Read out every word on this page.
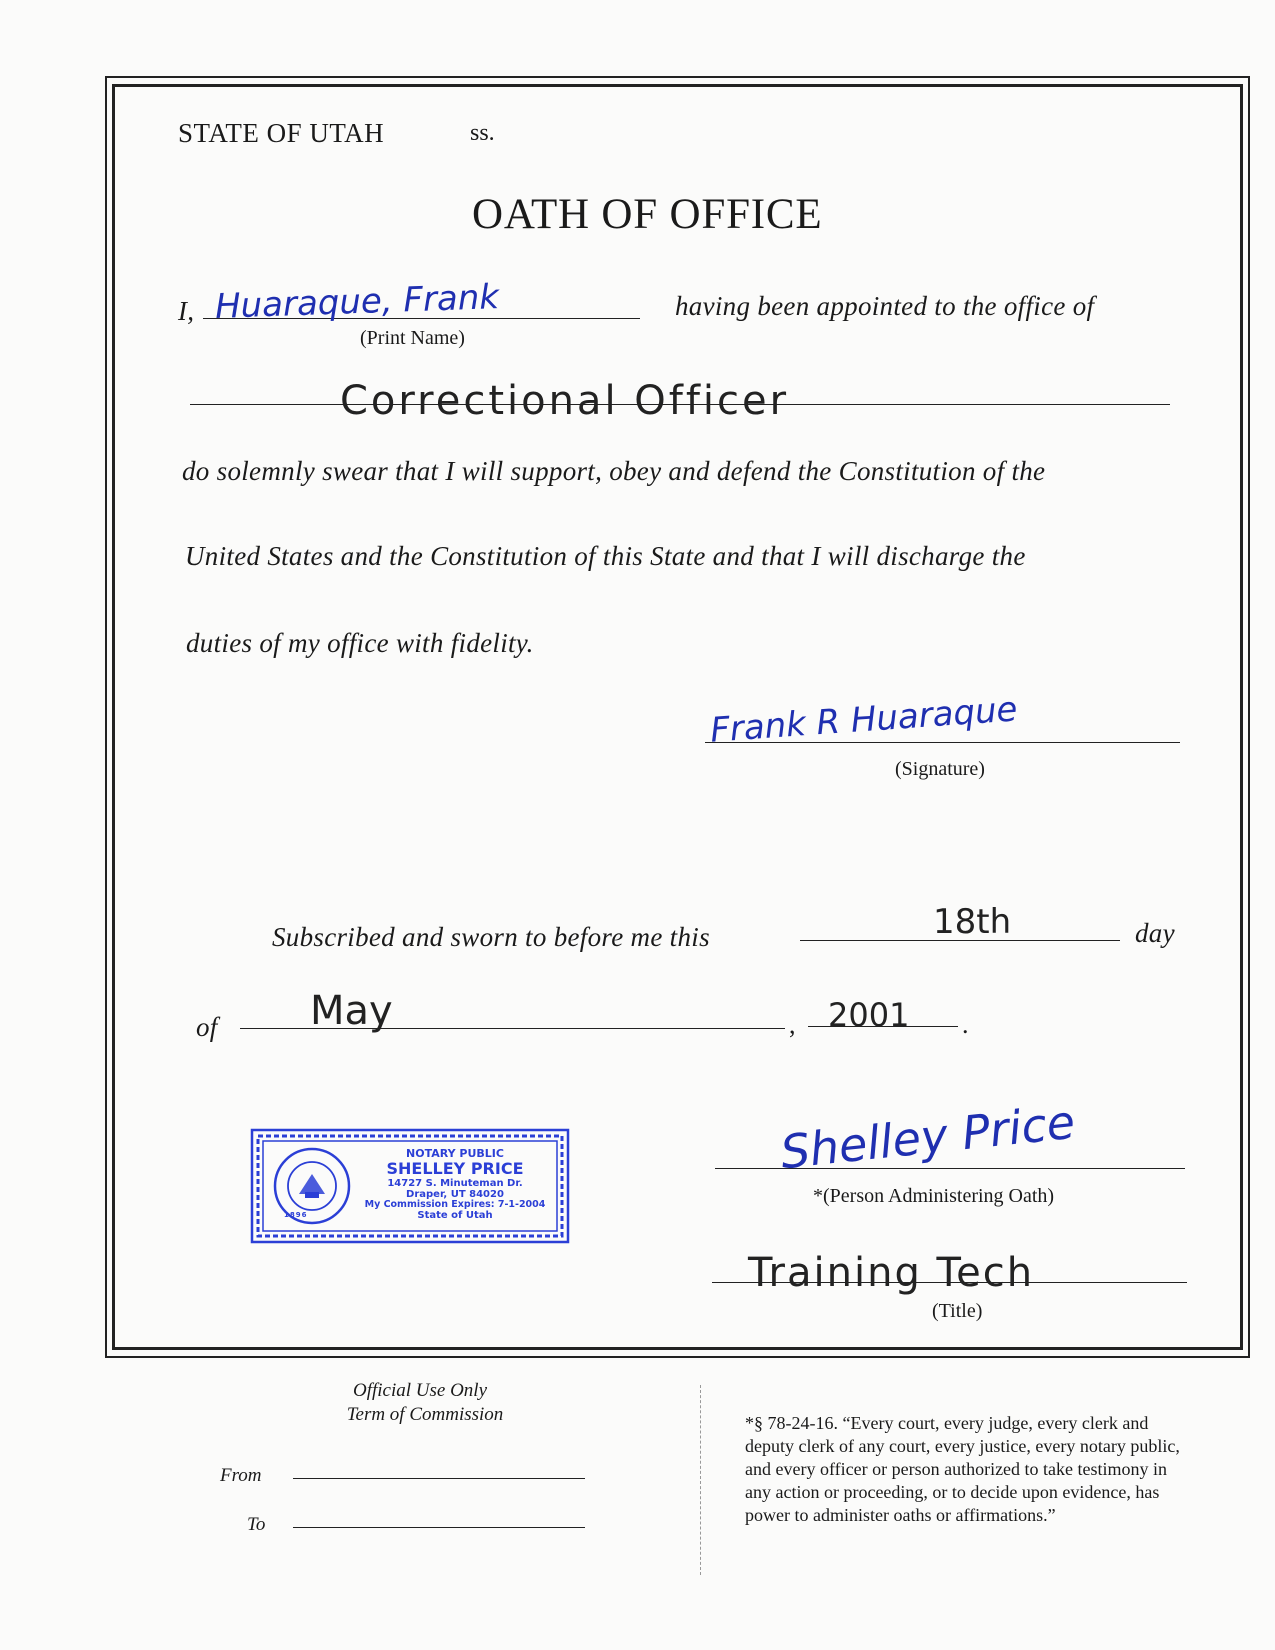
STATE OF UTAH	ss.
OATH OF OFFICE
I, Huaraque, Frank
(Print Name)
having been appointed to the office of
Correctional Officer
do solemnly swear that I will support, obey and defend the Constitution of the
United States and the Constitution of this State and that I will discharge the
duties of my office with fidelity.
Frank R Huaraque
(Signature)
Subscribed and sworn to before me this	18th	day
of May	, 2001 .
1896
NOTARY PUBLIC
SHELLEY PRICE
14727 S. Minuteman Dr.
Draper, UT 84020
My Commission Expires: 7-1-2004
State of Utah
Shelley Price
*(Person Administering Oath)
Training Tech
(Title)
Official Use Only
Term of Commission
From
To
*§ 78-24-16. “Every court, every judge, every clerk and
deputy clerk of any court, every justice, every notary public,
and every officer or person authorized to take testimony in
any action or proceeding, or to decide upon evidence, has
power to administer oaths or affirmations.”
